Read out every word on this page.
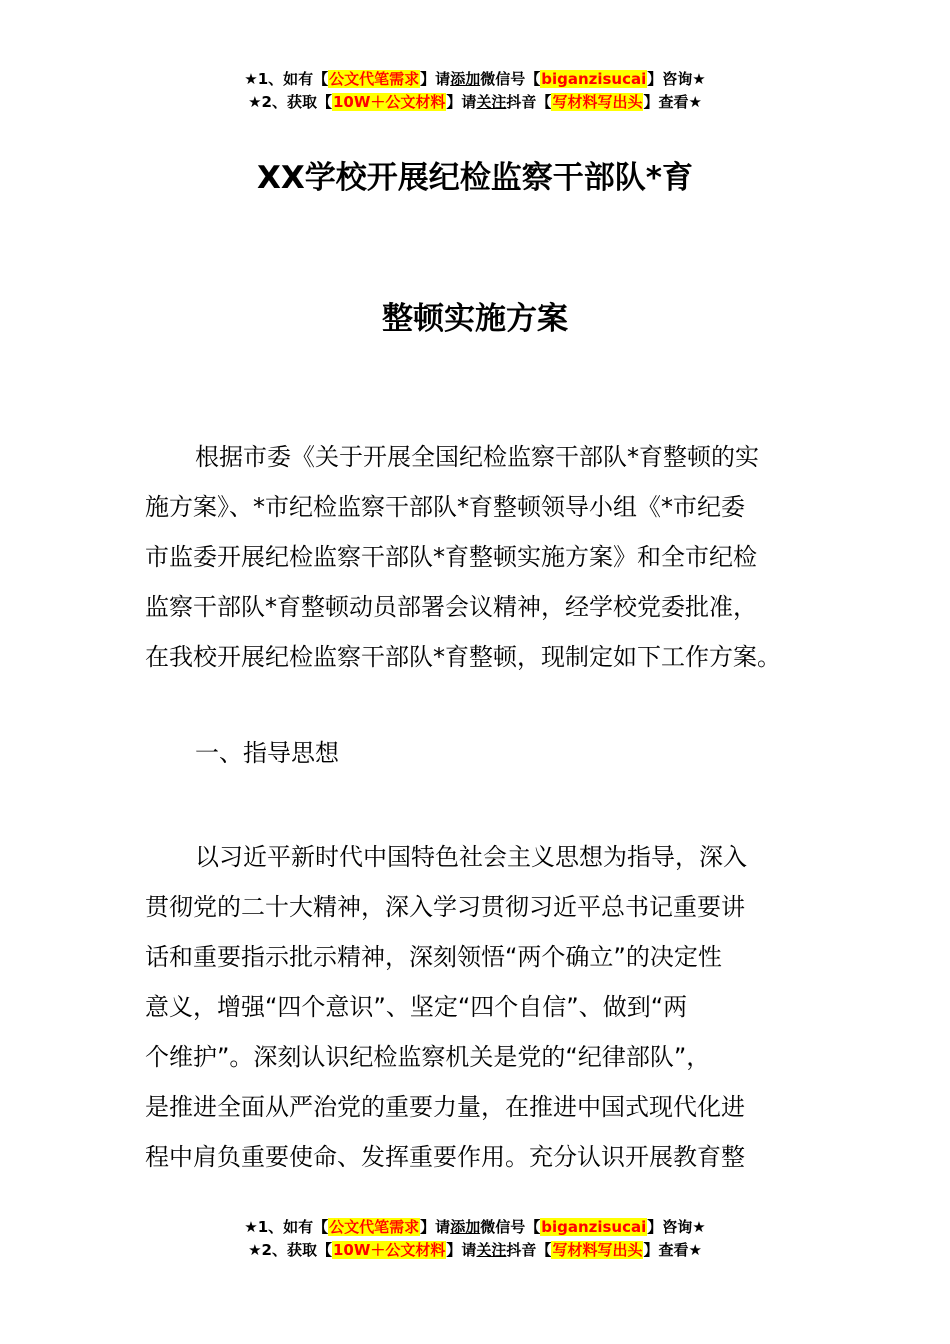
★1、如有【公文代笔需求】请添加微信号【biganzisucai】咨询★
★2、获取【10W＋公文材料】请关注抖音【写材料写出头】查看★
XX学校开展纪检监察干部队*育
整顿实施方案
根据市委《关于开展全国纪检监察干部队*育整顿的实
施方案》、*市纪检监察干部队*育整顿领导小组《*市纪委
市监委开展纪检监察干部队*育整顿实施方案》和全市纪检
监察干部队*育整顿动员部署会议精神，经学校党委批准，
在我校开展纪检监察干部队*育整顿，现制定如下工作方案。
一、指导思想
以习近平新时代中国特色社会主义思想为指导，深入
贯彻党的二十大精神，深入学习贯彻习近平总书记重要讲
话和重要指示批示精神，深刻领悟“两个确立”的决定性
意义，增强“四个意识”、坚定“四个自信”、做到“两
个维护”。深刻认识纪检监察机关是党的“纪律部队”，
是推进全面从严治党的重要力量，在推进中国式现代化进
程中肩负重要使命、发挥重要作用。充分认识开展教育整
★1、如有【公文代笔需求】请添加微信号【biganzisucai】咨询★
★2、获取【10W＋公文材料】请关注抖音【写材料写出头】查看★
